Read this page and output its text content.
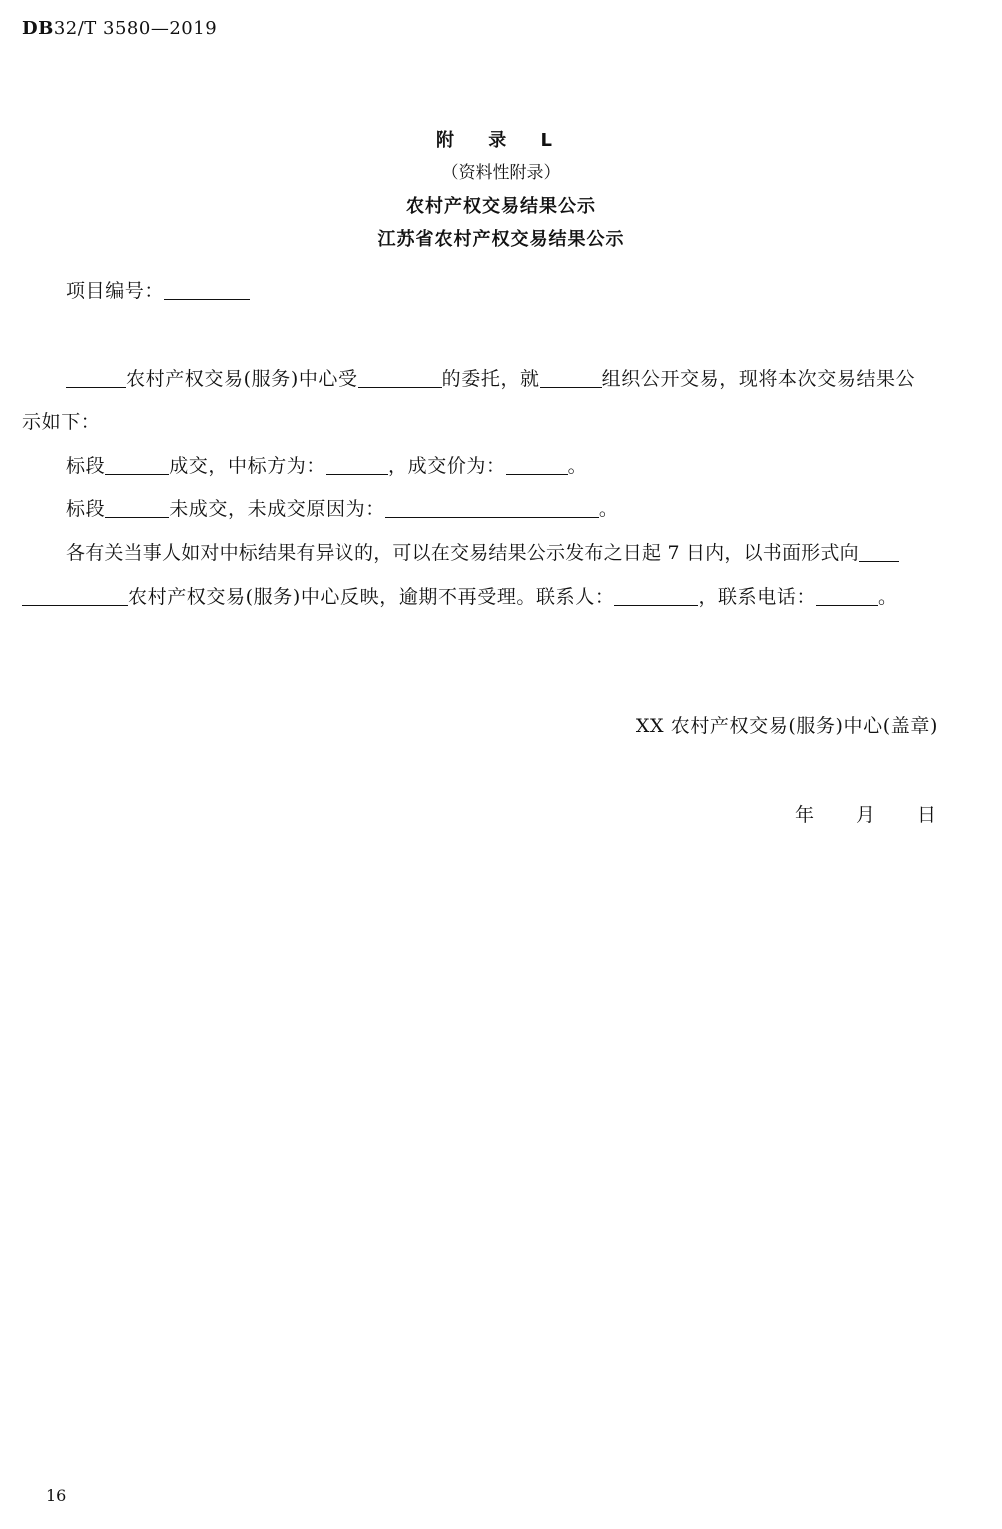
DB32/T 3580—2019
附 录 L
（资料性附录）
农村产权交易结果公示
江苏省农村产权交易结果公示
项目编号：
农村产权交易(服务)中心受	的委托，就	组织公开交易，现将本次交易结果公
示如下：
标段	成交，中标方为：	，成交价为：	。
标段	未成交，未成交原因为：	。
各有关当事人如对中标结果有异议的，可以在交易结果公示发布之日起 7 日内，以书面形式向
农村产权交易(服务)中心反映，逾期不再受理。联系人：	，联系电话：	。
XX 农村产权交易(服务)中心(盖章)
年 月 日
16
